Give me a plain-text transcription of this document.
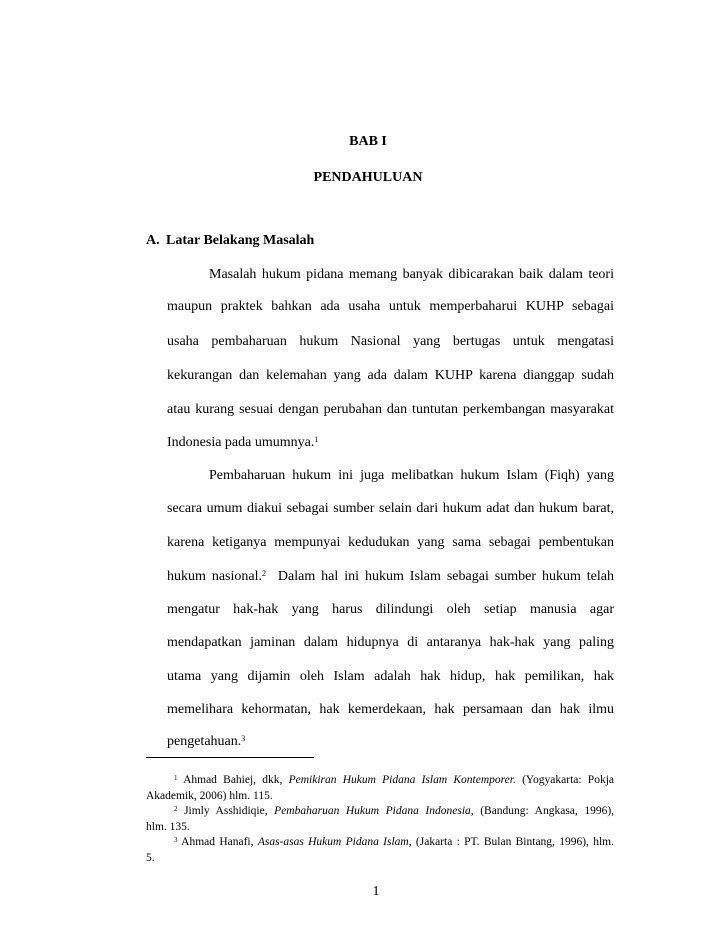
BAB I
PENDAHULUAN
A. Latar Belakang Masalah
Masalah hukum pidana memang banyak dibicarakan baik dalam teori
maupun praktek bahkan ada usaha untuk memperbaharui KUHP sebagai
usaha pembaharuan hukum Nasional yang bertugas untuk mengatasi
kekurangan dan kelemahan yang ada dalam KUHP karena dianggap sudah
atau kurang sesuai dengan perubahan dan tuntutan perkembangan masyarakat
Indonesia pada umumnya.$^1$
Pembaharuan hukum ini juga melibatkan hukum Islam (Fiqh) yang
secara umum diakui sebagai sumber selain dari hukum adat dan hukum barat,
karena ketiganya mempunyai kedudukan yang sama sebagai pembentukan
hukum nasional.$^2$ Dalam hal ini hukum Islam sebagai sumber hukum telah
mengatur hak-hak yang harus dilindungi oleh setiap manusia agar
mendapatkan jaminan dalam hidupnya di antaranya hak-hak yang paling
utama yang dijamin oleh Islam adalah hak hidup, hak pemilikan, hak
memelihara kehormatan, hak kemerdekaan, hak persamaan dan hak ilmu
pengetahuan.$^3$
$^1$ Ahmad Bahiej, dkk, Pemikiran Hukum Pidana Islam Kontemporer. (Yogyakarta: Pokja
Akademik, 2006) hlm. 115.
$^2$ Jimly Asshidiqie, Pembaharuan Hukum Pidana Indonesia, (Bandung: Angkasa, 1996),
hlm. 135.
$^3$ Ahmad Hanafi, Asas-asas Hukum Pidana Islam, (Jakarta : PT. Bulan Bintang, 1996), hlm.
5.
1
